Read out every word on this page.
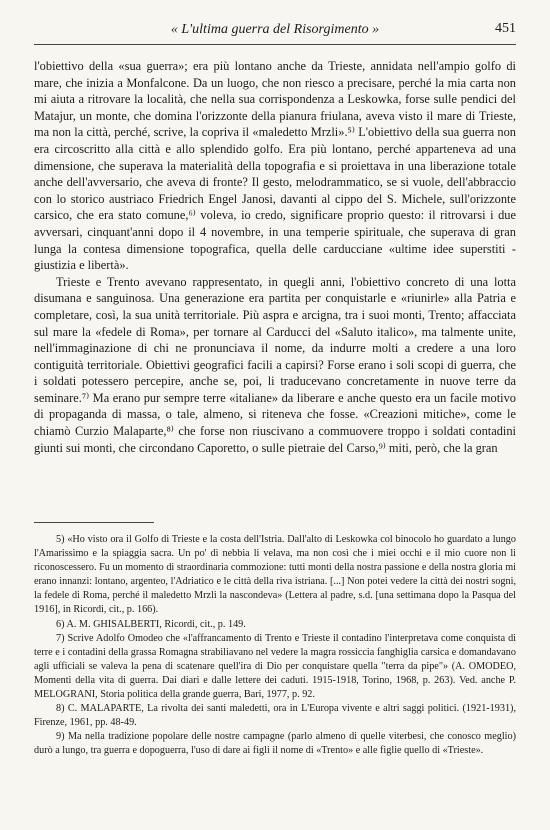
« L'ultima guerra del Risorgimento »	451

l'obiettivo della «sua guerra»; era più lontano anche da Trieste, annidata nell'ampio golfo di mare, che inizia a Monfalcone. Da un luogo, che non riesco a precisare, perché la mia carta non mi aiuta a ritrovare la località, che nella sua corrispondenza a Leskowka, forse sulle pendici del Matajur, un monte, che domina l'orizzonte della pianura friulana, aveva visto il mare di Trieste, ma non la città, perché, scrive, la copriva il «maledetto Mrzli».⁵⁾ L'obiettivo della sua guerra non era circoscritto alla città e allo splendido golfo. Era più lontano, perché apparteneva ad una dimensione, che superava la materialità della topografia e si proiettava in una liberazione totale anche dell'avversario, che aveva di fronte? Il gesto, melodrammatico, se si vuole, dell'abbraccio con lo storico austriaco Friedrich Engel Janosi, davanti al cippo del S. Michele, sull'orizzonte carsico, che era stato comune,⁶⁾ voleva, io credo, significare proprio questo: il ritrovarsi i due avversari, cinquant'anni dopo il 4 novembre, in una temperie spirituale, che superava di gran lunga la contesa dimensione topografica, quella delle carducciane «ultime idee superstiti - giustizia e libertà».

Trieste e Trento avevano rappresentato, in quegli anni, l'obiettivo concreto di una lotta disumana e sanguinosa. Una generazione era partita per conquistarle e «riunirle» alla Patria e completare, così, la sua unità territoriale. Più aspra e arcigna, tra i suoi monti, Trento; affacciata sul mare la «fedele di Roma», per tornare al Carducci del «Saluto italico», ma talmente unite, nell'immaginazione di chi ne pronunciava il nome, da indurre molti a credere a una loro contiguità territoriale. Obiettivi geografici facili a capirsi? Forse erano i soli scopi di guerra, che i soldati potessero percepire, anche se, poi, li traducevano concretamente in nuove terre da seminare.⁷⁾ Ma erano pur sempre terre «italiane» da liberare e anche questo era un facile motivo di propaganda di massa, o tale, almeno, si riteneva che fosse. «Creazioni mitiche», come le chiamò Curzio Malaparte,⁸⁾ che forse non riuscivano a commuovere troppo i soldati contadini giunti sui monti, che circondano Caporetto, o sulle pietraie del Carso,⁹⁾ miti, però, che la gran

5) «Ho visto ora il Golfo di Trieste e la costa dell'Istria. Dall'alto di Leskowka col binocolo ho guardato a lungo l'Amarissimo e la spiaggia sacra. Un po' di nebbia li velava, ma non così che i miei occhi e il mio cuore non li riconoscessero. Fu un momento di straordinaria commozione: tutti monti della nostra passione e della nostra gloria mi erano innanzi: lontano, argenteo, l'Adriatico e le città della riva istriana. [...] Non potei vedere la città dei nostri sogni, la fedele di Roma, perché il maledetto Mrzli la nascondeva» (Lettera al padre, s.d. [una settimana dopo la Pasqua del 1916], in Ricordi, cit., p. 166).

6) A. M. GHISALBERTI, Ricordi, cit., p. 149.

7) Scrive Adolfo Omodeo che «l'affrancamento di Trento e Trieste il contadino l'interpretava come conquista di terre e i contadini della grassa Romagna strabiliavano nel vedere la magra rossiccia fanghiglia carsica e domandavano agli ufficiali se valeva la pena di scatenare quell'ira di Dio per conquistare quella "terra da pipe"» (A. OMODEO, Momenti della vita di guerra. Dai diari e dalle lettere dei caduti. 1915-1918, Torino, 1968, p. 263). Ved. anche P. MELOGRANI, Storia politica della grande guerra, Bari, 1977, p. 92.

8) C. MALAPARTE, La rivolta dei santi maledetti, ora in L'Europa vivente e altri saggi politici. (1921-1931), Firenze, 1961, pp. 48-49.

9) Ma nella tradizione popolare delle nostre campagne (parlo almeno di quelle viterbesi, che conosco meglio) durò a lungo, tra guerra e dopoguerra, l'uso di dare ai figli il nome di «Trento» e alle figlie quello di «Trieste».
